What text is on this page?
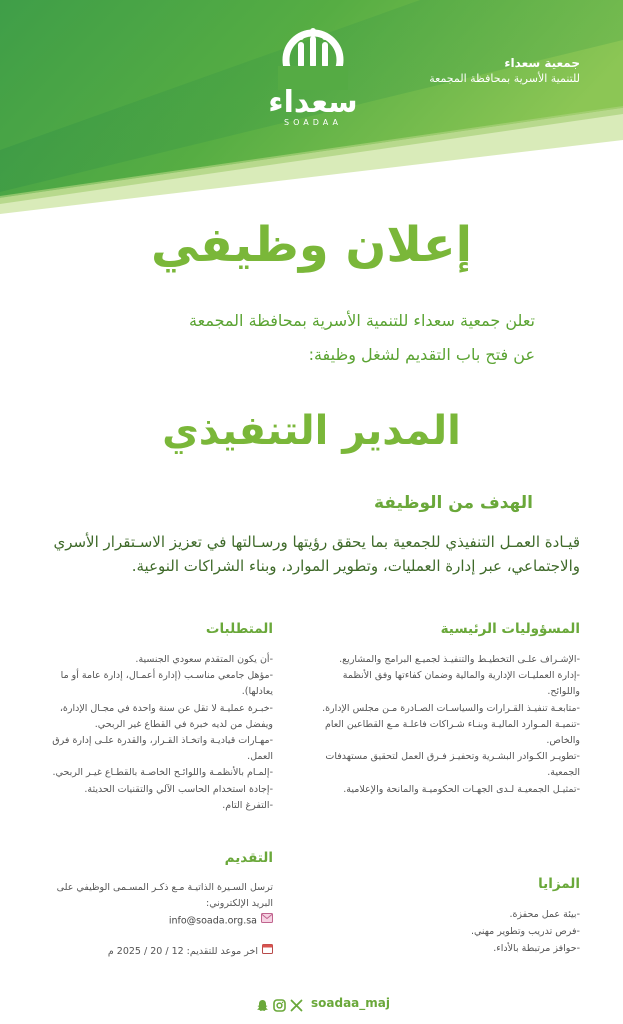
جمعية سعداء
للتنمية الأسرية بمحافظة المجمعة
سعداء
SOADAA
إعلان وظيفي
تعلن جمعية سعداء للتنمية الأسرية بمحافظة المجمعة
عن فتح باب التقديم لشغل وظيفة:
المدير التنفيذي
الهدف من الوظيفة
قيـادة العمـل التنفيذي للجمعية بما يحقق رؤيتها ورسـالتها في تعزيز الاسـتقرار الأسري والاجتماعي، عبر إدارة العمليات، وتطوير الموارد، وبناء الشراكات النوعية.
المسؤوليات الرئيسية
-الإشـراف علـى التخطيـط والتنفيـذ لجميـع البرامج والمشاريع.
-إدارة العمليـات الإدارية والمالية وضمان كفاءتها وفق الأنظمة واللوائح.
-متابعـة تنفيـذ القـرارات والسياسـات الصـادرة مـن مجلس الإدارة.
-تنميـة المـوارد الماليـة وبنـاء شـراكات فاعلـة مـع القطاعين العام والخاص.
-تطويـر الكـوادر البشـرية وتحفيـز فـرق العمل لتحقيق مستهدفات الجمعية.
-تمثيـل الجمعيـة لـدى الجهـات الحكوميـة والمانحة والإعلامية.
المتطلبات
-أن يكون المتقدم سعودي الجنسية.
-مؤهل جامعي مناسـب (إدارة أعمـال، إدارة عامة أو ما يعادلها).
-خبـرة عمليـة لا تقل عن سنة واحدة في مجـال الإدارة، ويفضل من لديه خبرة في القطاع غير الربحي.
-مهـارات قياديـة واتخـاذ القـرار، والقدرة علـى إدارة فرق العمل.
-إلمـام بالأنظمـة واللوائـح الخاصـة بالقطـاع غيـر الربحي.
-إجادة استخدام الحاسب الآلي والتقنيات الحديثة.
-التفرغ التام.
التقديم
ترسل السـيرة الذاتيـة مـع ذكـر المسـمى الوظيفي على البريد الإلكتروني:
info@soada.org.sa
اخر موعد للتقديم: 12 / 20 / 2025 م
المزايا
-بيئة عمل محفزة.
-فرص تدريب وتطوير مهني.
-حوافز مرتبطة بالأداء.
soadaa_maj
